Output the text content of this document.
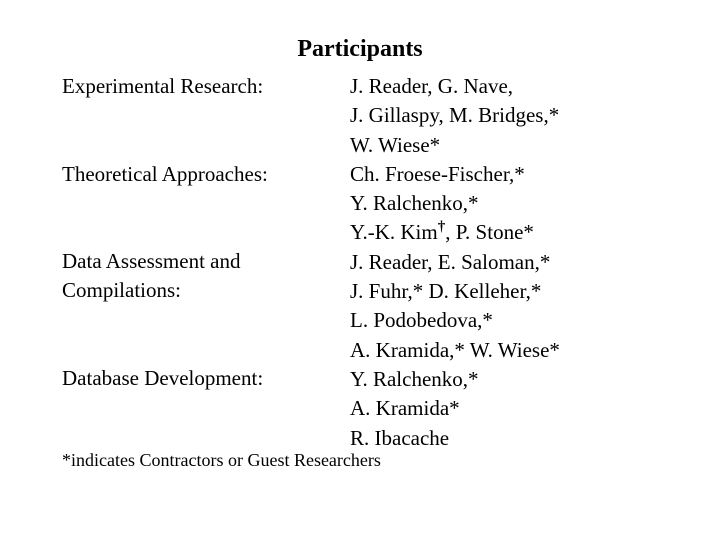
Participants
Experimental Research:
Theoretical Approaches:
Data Assessment and
Compilations:
Database Development:
J. Reader, G. Nave,
J. Gillaspy, M. Bridges,*
W. Wiese*
Ch. Froese-Fischer,*
Y. Ralchenko,*
Y.-K. Kim†, P. Stone*
J. Reader, E. Saloman,*
J. Fuhr,* D. Kelleher,*
L. Podobedova,*
A. Kramida,* W. Wiese*
Y. Ralchenko,*
A. Kramida*
R. Ibacache
*indicates Contractors or Guest Researchers
